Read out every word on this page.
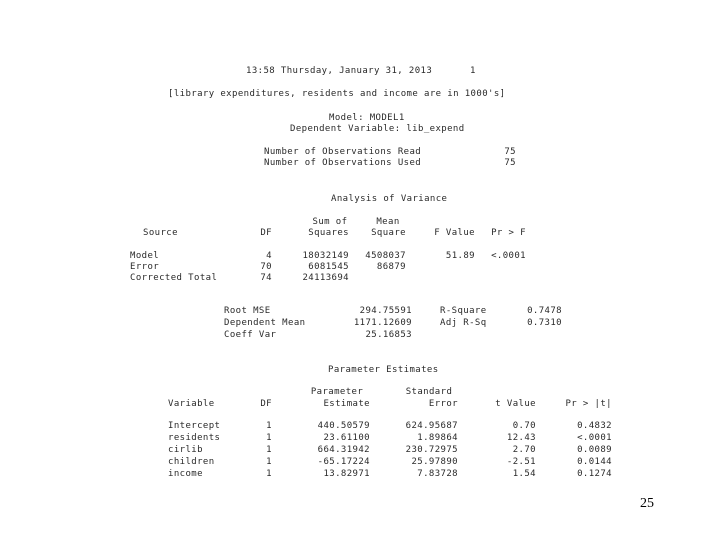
13:58 Thursday, January 31, 2013	1
[library expenditures, residents and income are in 1000's]
Model: MODEL1
Dependent Variable: lib_expend
Number of Observations Read	75
Number of Observations Used	75
Analysis of Variance
Sum of	Mean
Source	DF	Squares	Square	F Value	Pr > F
Model	4	18032149	4508037	51.89	<.0001
Error	70	6081545	86879
Corrected Total	74	24113694
Root MSE	294.75591	R-Square	0.7478
Dependent Mean	1171.12609	Adj R-Sq	0.7310
Coeff Var	25.16853
Parameter Estimates
Parameter	Standard
Variable	DF	Estimate	Error	t Value	Pr > |t|
Intercept	1	440.50579	624.95687	0.70	0.4832
residents	1	23.61100	1.89864	12.43	<.0001
cirlib	1	664.31942	230.72975	2.70	0.0089
children	1	-65.17224	25.97890	-2.51	0.0144
income	1	13.82971	7.83728	1.54	0.1274
25
